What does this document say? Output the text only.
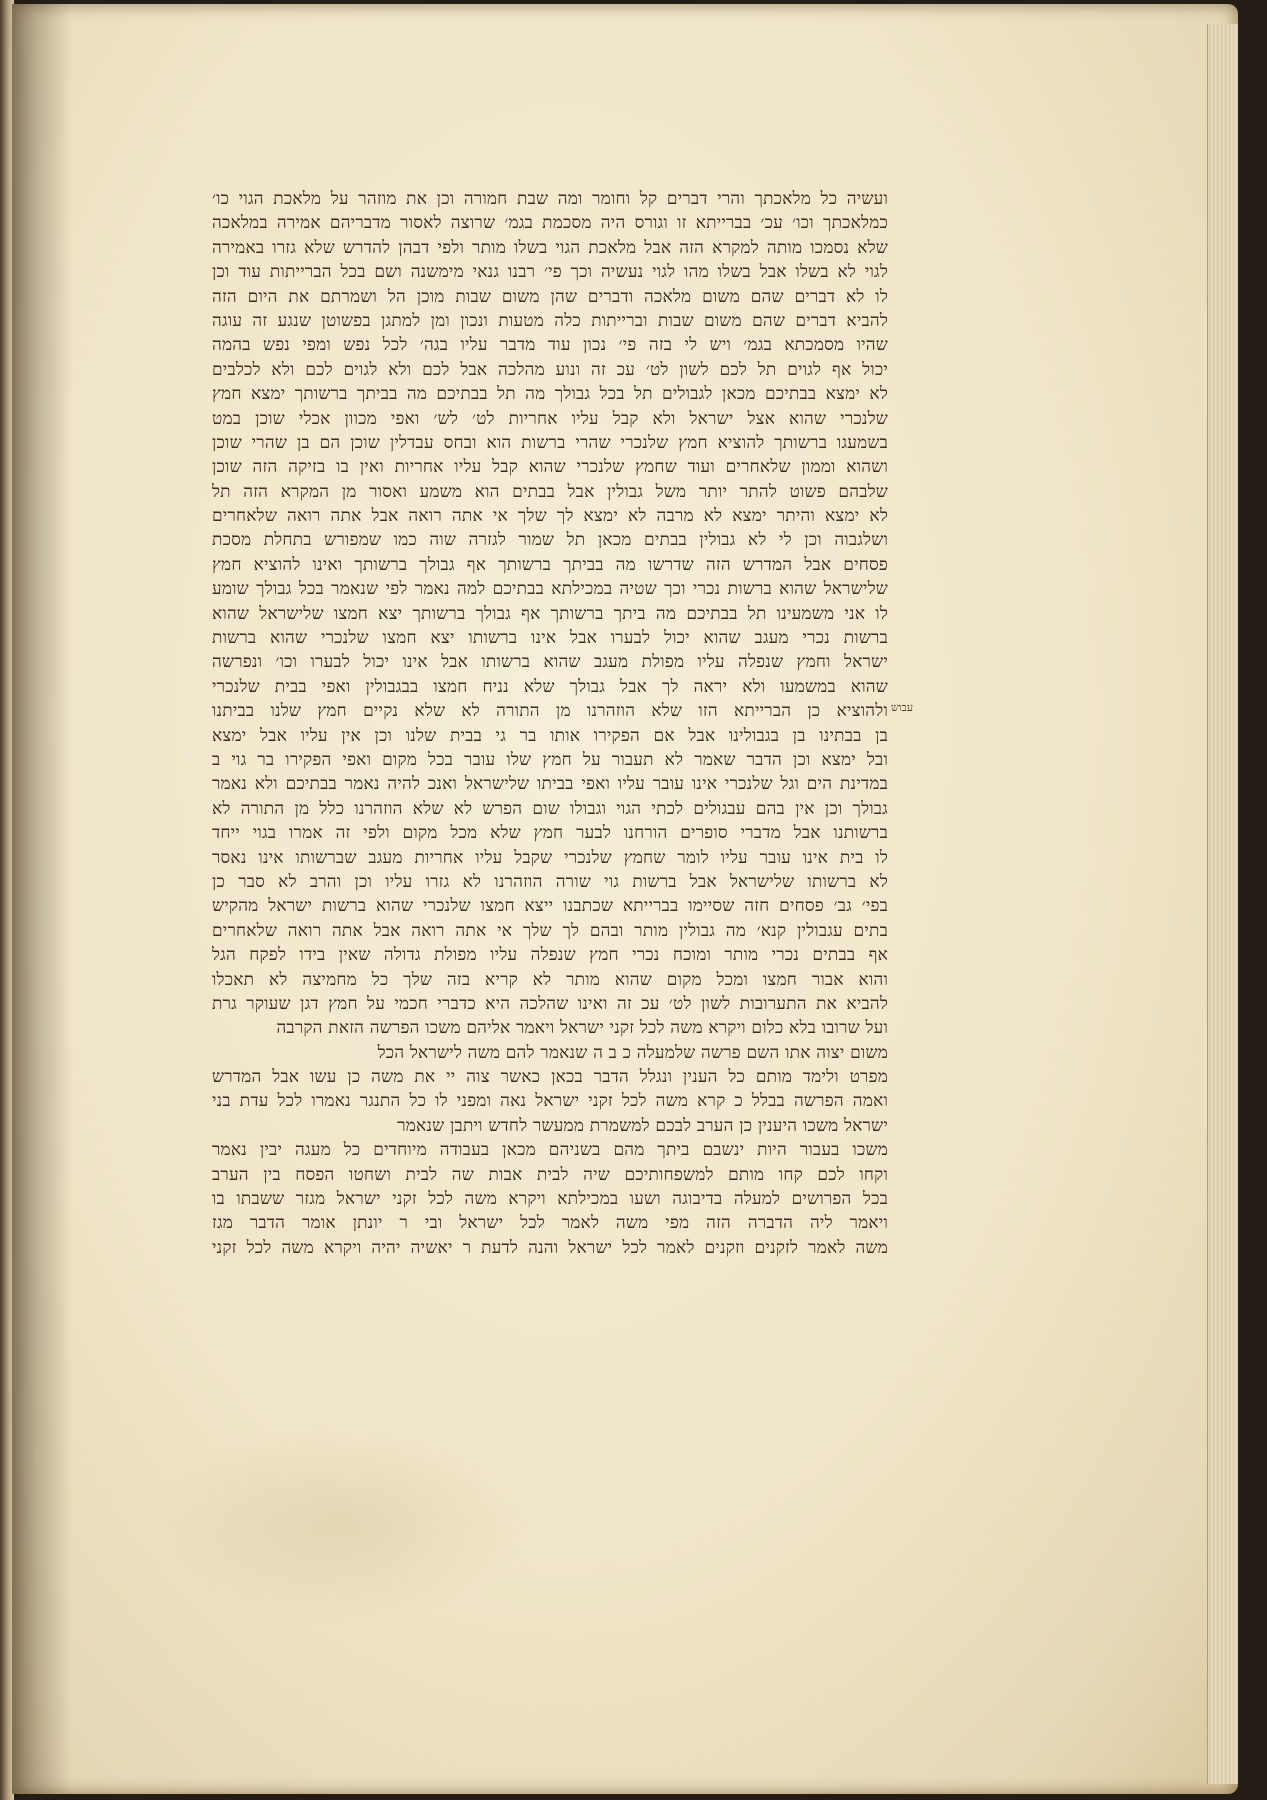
ועשיה כל מלאכתך והרי דברים קל וחומר ומה שבת חמורה וכן את מוזהר על מלאכת הגוי כו׳
כמלאכתך וכו׳ עכ׳ בברייתא זו וגורס היה מסכמת בגמ׳ שרוצה לאסור מדבריהם אמירה במלאכה
שלא נסמכו מותה למקרא הזה אבל מלאכת הגוי בשלו מותר ולפי דבהן להדרש שלא גזרו באמירה
לגוי לא בשלו אבל בשלו מהו לגוי נעשיה וכך פי׳ רבנו גנאי מימשנה ושם בכל הברייתות עוד וכן
לו לא דברים שהם משום מלאכה ודברים שהן משום שבות מוכן הל ושמרתם את היום הזה
להביא דברים שהם משום שבות וברייתות כלה מטעות ונכון ומן למתגן בפשוטן שנגע זה עוגה
שהיו מסמכתא בגמ׳ ויש לי בזה פי׳ נכון עוד מדבר עליו בגה׳ לכל נפש ומפי נפש בהמה
יכול אף לגוים תל לכם לשון לט׳ עכ זה ונוע מהלכה אבל לכם ולא לגוים לכם ולא לכלבים
לא ימצא בבתיכם מכאן לגבולים תל בכל גבולך מה תל בבתיכם מה בביתך ברשותך ימצא חמץ
שלנכרי שהוא אצל ישראל ולא קבל עליו אחריות לט׳ לש׳ ואפי מכוון אכלי שוכן במט
בשמעגו ברשותך להוציא חמץ שלנכרי שהרי ברשות הוא ובחס עבדלין שוכן הם בן שהרי שוכן
ושהוא וממון שלאחרים ועוד שחמץ שלנכרי שהוא קבל עליו אחריות ואין בו בזיקה הזה שוכן
שלבהם פשוט להתר יותר משל גבולין אבל בבתים הוא משמע ואסור מן המקרא הזה תל
לא ימצא והיתר ימצא לא מרבה לא ימצא לך שלך אי אתה רואה אבל אתה רואה שלאחרים
ושלגבוה וכן לי לא גבולין בבתים מכאן תל שמור לגזרה שוה כמו שמפורש בתחלת מסכת
פסחים אבל המדרש הזה שדרשו מה בביתך ברשותך אף גבולך ברשותך ואינו להוציא חמץ
שלישראל שהוא ברשות נכרי וכך שטיה במכילתא בבתיכם למה נאמר לפי שנאמר בכל גבולך שומע
לו אני משמעינו תל בבתיכם מה ביתך ברשותך אף גבולך ברשותך יצא חמצו שלישראל שהוא
ברשות נכרי מעגב שהוא יכול לבערו אבל אינו ברשותו יצא חמצו שלנכרי שהוא ברשות
ישראל וחמץ שנפלה עליו מפולת מעגב שהוא ברשותו אבל אינו יכול לבערו וכו׳ ונפרשה
שהוא במשמעו ולא יראה לך אבל גבולך שלא נניח חמצו בבגבולין ואפי בבית שלנכרי
ולהוציא כן הברייתא הזו שלא הוזהרנו מן התורה לא שלא נקיים חמץ שלנו בביתנו
בן בבתינו בן בגבולינו אבל אם הפקירו אותו בר גי בבית שלנו וכן אין עליו אבל ימצא
ובל ימצא וכן הדבר שאמר לא תעבור על חמץ שלו עובר בכל מקום ואפי הפקירו בר גוי ב
במדינת הים וגל שלנכרי אינו עובר עליו ואפי בביתו שלישראל ואנכ להיה נאמר בבתיכם ולא נאמר
גבולך וכן אין בהם עבגולים לכתי הגוי וגבולו שום הפרש לא שלא הוזהרנו כלל מן התורה לא
ברשותנו אבל מדברי סופרים הורחנו לבער חמץ שלא מכל מקום ולפי זה אמרו בגוי ייחד
לו בית אינו עובר עליו לומר שחמץ שלנכרי שקבל עליו אחריות מעגב שברשותו אינו נאסר
לא ברשותו שלישראל אבל ברשות גוי שורה הוזהרנו לא גזרו עליו וכן והרב לא סבר כן
בפי׳ גב׳ פסחים חזה שסיימו בברייתא שכתבנו ייצא חמצו שלנכרי שהוא ברשות ישראל מהקיש
בתים עגבולין קנא׳ מה גבולין מותר ובהם לך שלך אי אתה רואה אבל אתה רואה שלאחרים
אף בבתים נכרי מותר ומוכח נכרי חמץ שנפלה עליו מפולת גדולה שאין בידו לפקח הגל
והוא אבור חמצו ומכל מקום שהוא מותר לא קריא בזה שלך כל מחמיצה לא תאכלו
להביא את התערובות לשון לט׳ עכ זה ואינו שהלכה היא כדברי חכמי על חמץ דגן שעוקר גרת
ועל שרובו בלא כלום ויקרא משה לכל זקני ישראל ויאמר אליהם משכו הפרשה הזאת הקרבה
משום יצוה אתו השם פרשה שלמעלה כ ב ה שנאמר להם משה לישראל הכל
מפרט ולימד מותם כל הענין ונגלל הדבר בכאן כאשר צוה יי את משה כן עשו אבל המדרש
ואמה הפרשה בבלל כ קרא משה לכל זקני ישראל נאה ומפני לו כל התנגר נאמרו לכל עדת בני
ישראל משכו היענין כן הערב לבכם למשמרת ממעשר לחדש ויתבן שנאמר
משכו בעבור היות ינשבם ביתך מהם בשניהם מכאן בעבודה מיוחדים כל מעגה יבין נאמר
וקחו לכם קחו מותם למשפחותיכם שיה לבית אבות שה לבית ושחטו הפסח בין הערב
בכל הפרושים למעלה בדיבוגה ושעו במכילתא ויקרא משה לכל זקני ישראל מגזר ששבתו בו
ויאמר ליה הדברה הזה מפי משה לאמר לכל ישראל ובי ר יונתן אומר הדבר מגז
משה לאמר לזקנים וזקנים לאמר לכל ישראל והנה לדעת ר יאשיה יהיה ויקרא משה לכל זקני
עבוש
